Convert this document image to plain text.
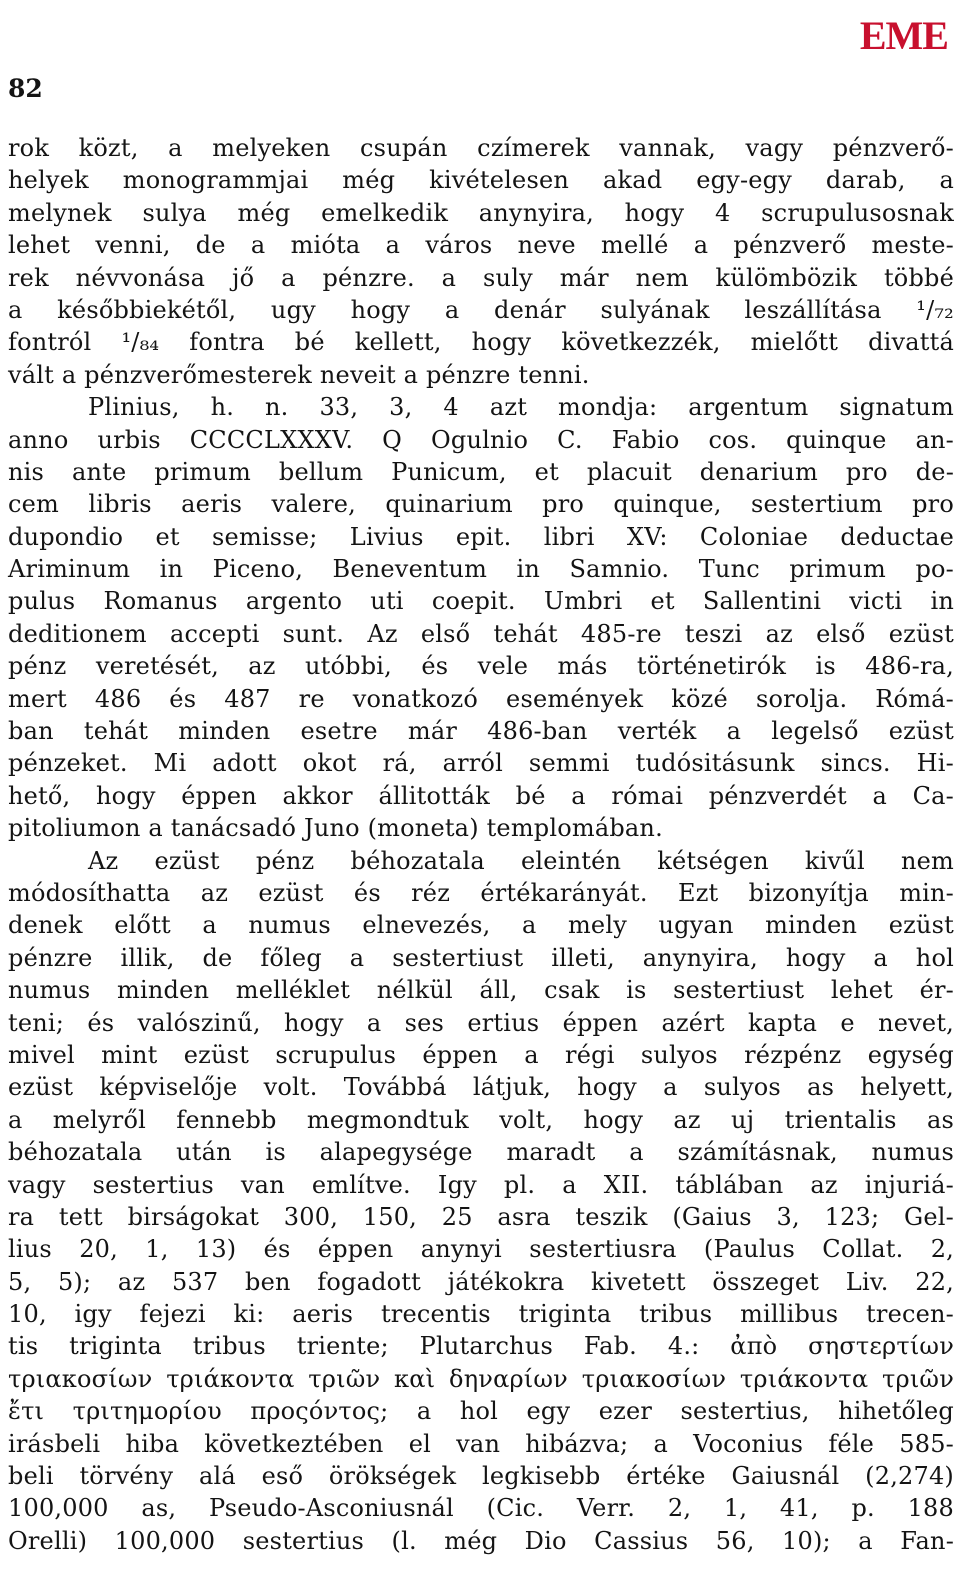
82
EME
rok közt, a melyeken csupán czímerek vannak, vagy pénzverő-
helyek monogrammjai még kivételesen akad egy-egy darab, a
melynek sulya még emelkedik anynyira, hogy 4 scrupulusosnak
lehet venni, de a mióta a város neve mellé a pénzverő meste-
rek névvonása jő a pénzre. a suly már nem külömbözik többé
a későbbiekétől, ugy hogy a denár sulyának leszállítása ¹/₇₂
fontról ¹/₈₄ fontra bé kellett, hogy következzék, mielőtt divattá
vált a pénzverőmesterek neveit a pénzre tenni.
Plinius, h. n. 33, 3, 4 azt mondja: argentum signatum
anno urbis CCCCLXXXV. Q Ogulnio C. Fabio cos. quinque an-
nis ante primum bellum Punicum, et placuit denarium pro de-
cem libris aeris valere, quinarium pro quinque, sestertium pro
dupondio et semisse; Livius epit. libri XV: Coloniae deductae
Ariminum in Piceno, Beneventum in Samnio. Tunc primum po-
pulus Romanus argento uti coepit. Umbri et Sallentini victi in
deditionem accepti sunt. Az első tehát 485-re teszi az első ezüst
pénz veretését, az utóbbi, és vele más történetirók is 486-ra,
mert 486 és 487 re vonatkozó események közé sorolja. Rómá-
ban tehát minden esetre már 486-ban verték a legelső ezüst
pénzeket. Mi adott okot rá, arról semmi tudósitásunk sincs. Hi-
hető, hogy éppen akkor állitották bé a római pénzverdét a Ca-
pitoliumon a tanácsadó Juno (moneta) templomában.
Az ezüst pénz béhozatala eleintén kétségen kivűl nem
módosíthatta az ezüst és réz értékarányát. Ezt bizonyítja min-
denek előtt a numus elnevezés, a mely ugyan minden ezüst
pénzre illik, de főleg a sestertiust illeti, anynyira, hogy a hol
numus minden melléklet nélkül áll, csak is sestertiust lehet ér-
teni; és valószinű, hogy a ses ertius éppen azért kapta e nevet,
mivel mint ezüst scrupulus éppen a régi sulyos rézpénz egység
ezüst képviselője volt. Továbbá látjuk, hogy a sulyos as helyett,
a melyről fennebb megmondtuk volt, hogy az uj trientalis as
béhozatala után is alapegysége maradt a számításnak, numus
vagy sestertius van említve. Igy pl. a XII. táblában az injuriá-
ra tett birságokat 300, 150, 25 asra teszik (Gaius 3, 123; Gel-
lius 20, 1, 13) és éppen anynyi sestertiusra (Paulus Collat. 2,
5, 5); az 537 ben fogadott játékokra kivetett összeget Liv. 22,
10, igy fejezi ki: aeris trecentis triginta tribus millibus trecen-
tis triginta tribus triente; Plutarchus Fab. 4.: ἀπὸ σηστερτίων
τριακοσίων τριάκοντα τριῶν καὶ δηναρίων τριακοσίων τριάκοντα τριῶν
ἔτι τριτημορίου προςόντος; a hol egy ezer sestertius, hihetőleg
irásbeli hiba következtében el van hibázva; a Voconius féle 585-
beli törvény alá eső örökségek legkisebb értéke Gaiusnál (2,274)
100,000 as, Pseudo-Asconiusnál (Cic. Verr. 2, 1, 41, p. 188
Orelli) 100,000 sestertius (l. még Dio Cassius 56, 10); a Fan-
